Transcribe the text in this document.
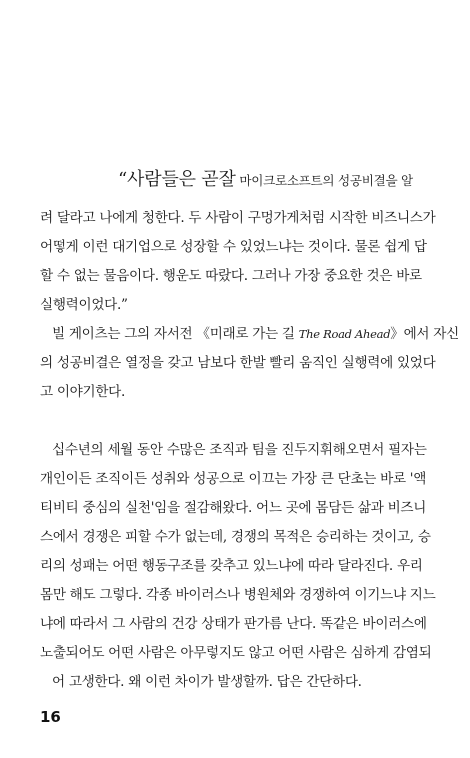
“사람들은 곧잘 마이크로소프트의 성공비결을 알
려 달라고 나에게 청한다. 두 사람이 구멍가게처럼 시작한 비즈니스가
어떻게 이런 대기업으로 성장할 수 있었느냐는 것이다. 물론 쉽게 답
할 수 없는 물음이다. 행운도 따랐다. 그러나 가장 중요한 것은 바로
실행력이었다.”
빌 게이츠는 그의 자서전 《미래로 가는 길 The Road Ahead》에서 자신
의 성공비결은 열정을 갖고 남보다 한발 빨리 움직인 실행력에 있었다
고 이야기한다.
십수년의 세월 동안 수많은 조직과 팀을 진두지휘해오면서 필자는
개인이든 조직이든 성취와 성공으로 이끄는 가장 큰 단초는 바로 '액
티비티 중심의 실천'임을 절감해왔다. 어느 곳에 몸담든 삶과 비즈니
스에서 경쟁은 피할 수가 없는데, 경쟁의 목적은 승리하는 것이고, 승
리의 성패는 어떤 행동구조를 갖추고 있느냐에 따라 달라진다. 우리
몸만 해도 그렇다. 각종 바이러스나 병원체와 경쟁하여 이기느냐 지느
냐에 따라서 그 사람의 건강 상태가 판가름 난다. 똑같은 바이러스에
노출되어도 어떤 사람은 아무렇지도 않고 어떤 사람은 심하게 감염되
어 고생한다. 왜 이런 차이가 발생할까. 답은 간단하다.
16
